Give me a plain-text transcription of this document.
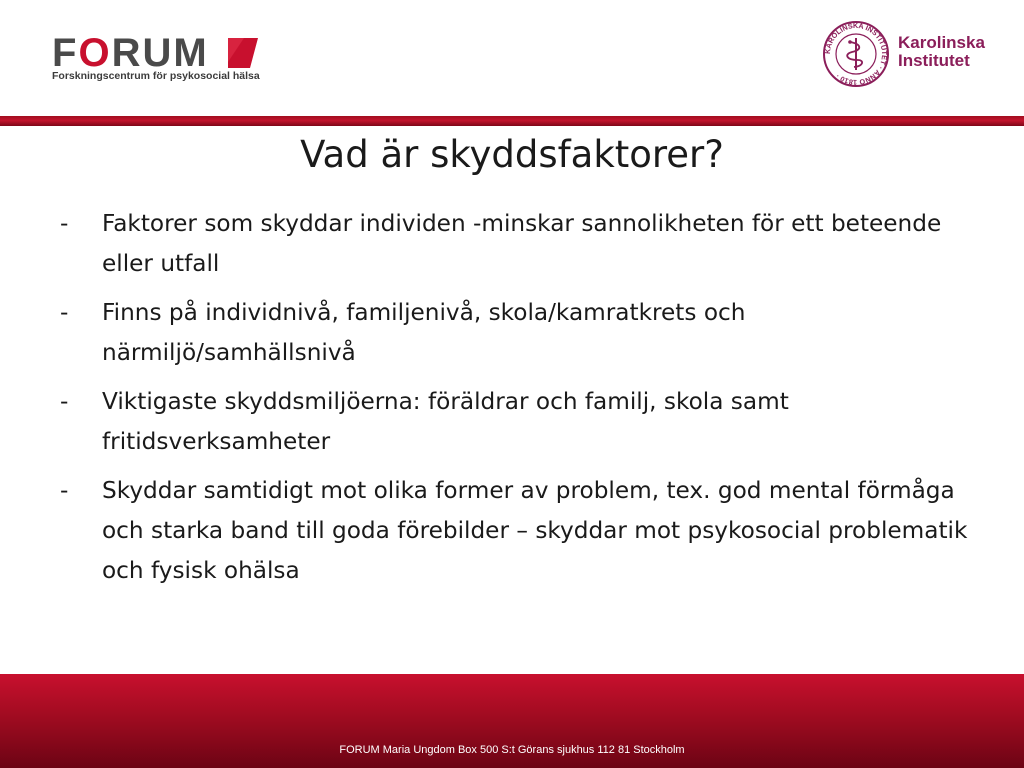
FORUM
Forskningscentrum för psykosocial hälsa
KAROLINSKA INSTITUTET · ANNO 1810 ·
Karolinska
Institutet
Vad är skyddsfaktorer?
- Faktorer som skyddar individen -minskar sannolikheten för ett beteende eller utfall
- Finns på individnivå, familjenivå, skola/kamratkrets och närmiljö/samhällsnivå
- Viktigaste skyddsmiljöerna: föräldrar och familj, skola samt fritidsverksamheter
- Skyddar samtidigt mot olika former av problem, tex. god mental förmåga och starka band till goda förebilder – skyddar mot psykosocial problematik och fysisk ohälsa
FORUM Maria Ungdom Box 500 S:t Görans sjukhus 112 81 Stockholm
